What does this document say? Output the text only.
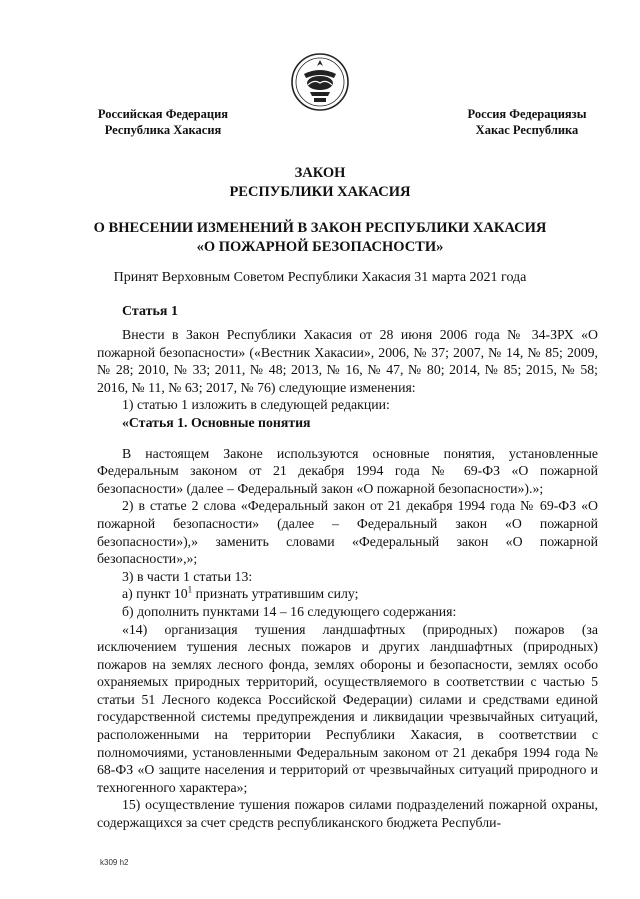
Российская Федерация
Республика Хакасия
Россия Федерациязы
Хакас Республика
ЗАКОН
РЕСПУБЛИКИ ХАКАСИЯ
О ВНЕСЕНИИ ИЗМЕНЕНИЙ В ЗАКОН РЕСПУБЛИКИ ХАКАСИЯ
«О ПОЖАРНОЙ БЕЗОПАСНОСТИ»
Принят Верховным Советом Республики Хакасия 31 марта 2021 года
Статья 1

Внести в Закон Республики Хакасия от 28 июня 2006 года № 34-ЗРХ «О пожарной безопасности» («Вестник Хакасии», 2006, № 37; 2007, № 14, № 85; 2009, № 28; 2010, № 33; 2011, № 48; 2013, № 16, № 47, № 80; 2014, № 85; 2015, № 58; 2016, № 11, № 63; 2017, № 76) следующие изменения:

1) статью 1 изложить в следующей редакции:

«Статья 1. Основные понятия

В настоящем Законе используются основные понятия, установленные Федеральным законом от 21 декабря 1994 года № 69-ФЗ «О пожарной безопасности» (далее – Федеральный закон «О пожарной безопасности»).»;

2) в статье 2 слова «Федеральный закон от 21 декабря 1994 года № 69-ФЗ «О пожарной безопасности» (далее – Федеральный закон «О пожарной безопасности»),» заменить словами «Федеральный закон «О пожарной безопасности»,»;

3) в части 1 статьи 13:

а) пункт $10^1$ признать утратившим силу;

б) дополнить пунктами 14 – 16 следующего содержания:

«14) организация тушения ландшафтных (природных) пожаров (за исключением тушения лесных пожаров и других ландшафтных (природных) пожаров на землях лесного фонда, землях обороны и безопасности, землях особо охраняемых природных территорий, осуществляемого в соответствии с частью 5 статьи 51 Лесного кодекса Российской Федерации) силами и средствами единой государственной системы предупреждения и ликвидации чрезвычайных ситуаций, расположенными на территории Республики Хакасия, в соответствии с полномочиями, установленными Федеральным законом от 21 декабря 1994 года № 68-ФЗ «О защите населения и территорий от чрезвычайных ситуаций природного и техногенного характера»;

15) осуществление тушения пожаров силами подразделений пожарной охраны, содержащихся за счет средств республиканского бюджета Республи-

k309 h2
